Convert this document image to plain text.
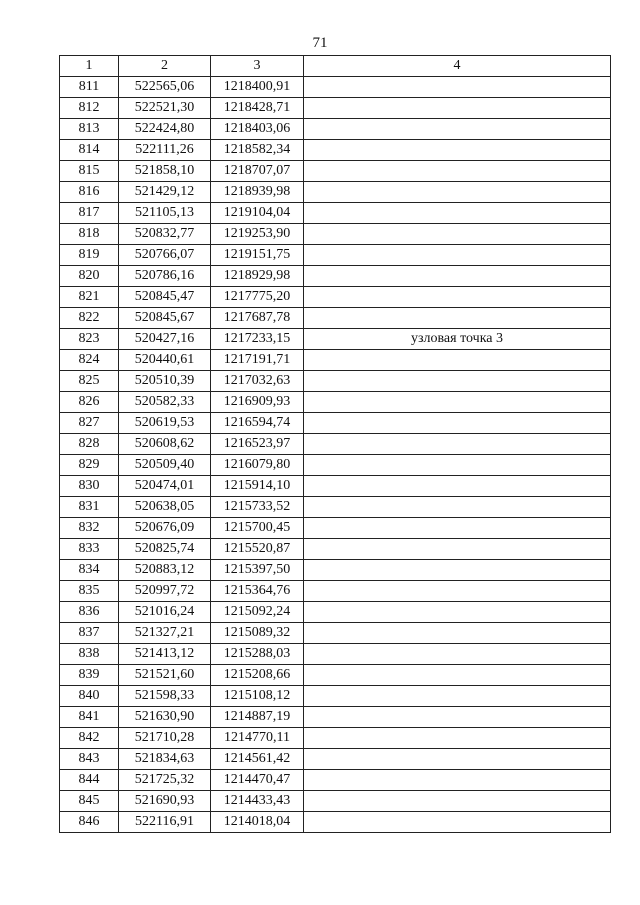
71
1	2	3	4
811	522565,06	1218400,91	
812	522521,30	1218428,71	
813	522424,80	1218403,06	
814	522111,26	1218582,34	
815	521858,10	1218707,07	
816	521429,12	1218939,98	
817	521105,13	1219104,04	
818	520832,77	1219253,90	
819	520766,07	1219151,75	
820	520786,16	1218929,98	
821	520845,47	1217775,20	
822	520845,67	1217687,78	
823	520427,16	1217233,15	узловая точка 3
824	520440,61	1217191,71	
825	520510,39	1217032,63	
826	520582,33	1216909,93	
827	520619,53	1216594,74	
828	520608,62	1216523,97	
829	520509,40	1216079,80	
830	520474,01	1215914,10	
831	520638,05	1215733,52	
832	520676,09	1215700,45	
833	520825,74	1215520,87	
834	520883,12	1215397,50	
835	520997,72	1215364,76	
836	521016,24	1215092,24	
837	521327,21	1215089,32	
838	521413,12	1215288,03	
839	521521,60	1215208,66	
840	521598,33	1215108,12	
841	521630,90	1214887,19	
842	521710,28	1214770,11	
843	521834,63	1214561,42	
844	521725,32	1214470,47	
845	521690,93	1214433,43	
846	522116,91	1214018,04	
